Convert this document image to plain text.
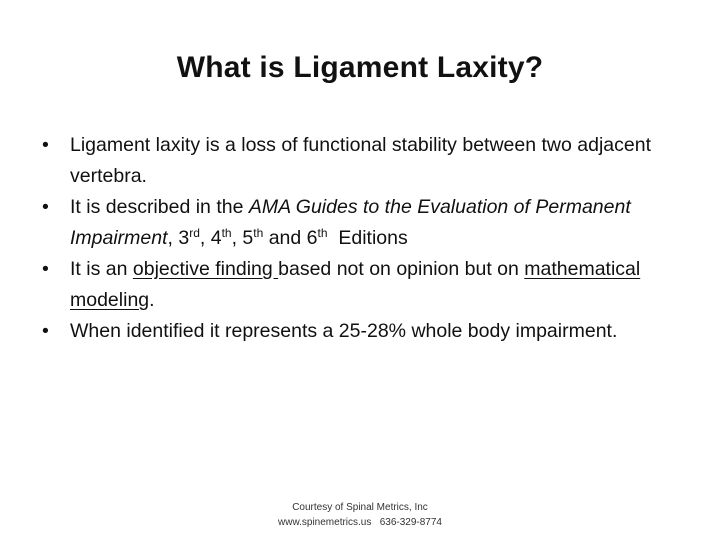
What is Ligament Laxity?
•	Ligament laxity is a loss of functional stability between two adjacent vertebra.
•	It is described in the AMA Guides to the Evaluation of Permanent Impairment, 3rd, 4th, 5th and 6th  Editions
•	It is an objective finding based not on opinion but on mathematical modeling.
•	When identified it represents a 25-28% whole body impairment.
Courtesy of Spinal Metrics, Inc
www.spinemetrics.us   636-329-8774
